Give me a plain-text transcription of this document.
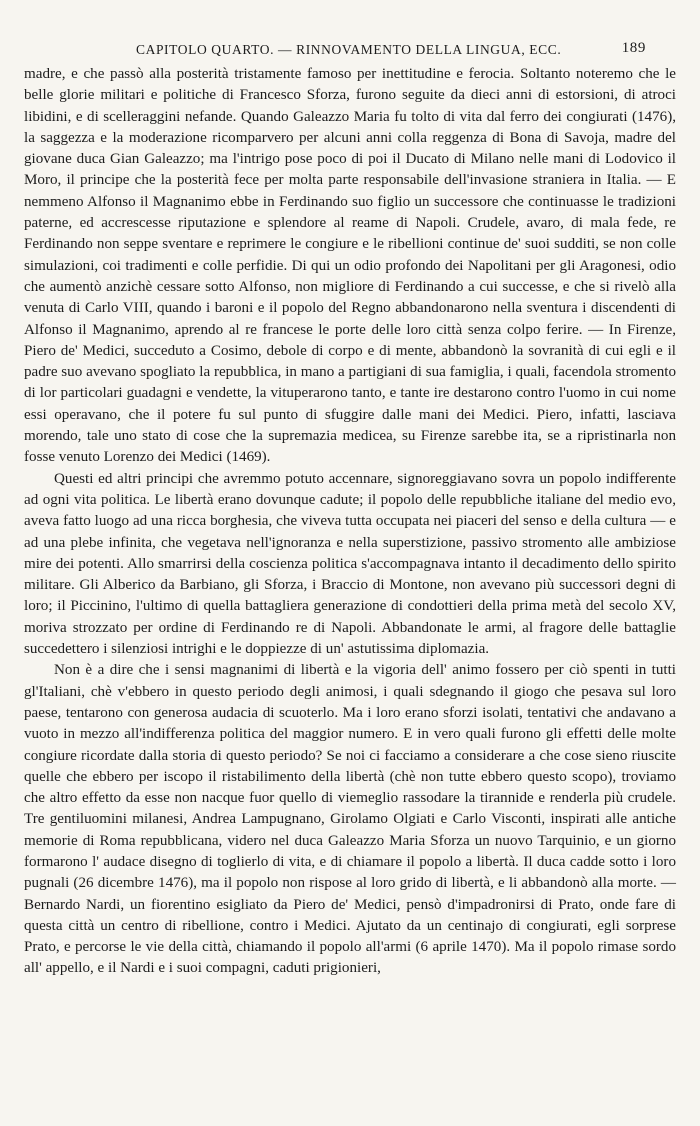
CAPITOLO QUARTO. — RINNOVAMENTO DELLA LINGUA, ECC.	189

madre, e che passò alla posterità tristamente famoso per inettitudine e ferocia. Soltanto noteremo che le belle glorie militari e politiche di Francesco Sforza, furono seguite da dieci anni di estorsioni, di atroci libidini, e di scelleraggini nefande. Quando Galeazzo Maria fu tolto di vita dal ferro dei congiurati (1476), la saggezza e la moderazione ricomparvero per alcuni anni colla reggenza di Bona di Savoja, madre del giovane duca Gian Galeazzo; ma l'intrigo pose poco di poi il Ducato di Milano nelle mani di Lodovico il Moro, il principe che la posterità fece per molta parte responsabile dell'invasione straniera in Italia. — E nemmeno Alfonso il Magnanimo ebbe in Ferdinando suo figlio un successore che continuasse le tradizioni paterne, ed accrescesse riputazione e splendore al reame di Napoli. Crudele, avaro, di mala fede, re Ferdinando non seppe sventare e reprimere le congiure e le ribellioni continue de' suoi sudditi, se non colle simulazioni, coi tradimenti e colle perfidie. Di qui un odio profondo dei Napolitani per gli Aragonesi, odio che aumentò anzichè cessare sotto Alfonso, non migliore di Ferdinando a cui successe, e che si rivelò alla venuta di Carlo VIII, quando i baroni e il popolo del Regno abbandonarono nella sventura i discendenti di Alfonso il Magnanimo, aprendo al re francese le porte delle loro città senza colpo ferire. — In Firenze, Piero de' Medici, succeduto a Cosimo, debole di corpo e di mente, abbandonò la sovranità di cui egli e il padre suo avevano spogliato la repubblica, in mano a partigiani di sua famiglia, i quali, facendola stromento di lor particolari guadagni e vendette, la vituperarono tanto, e tante ire destarono contro l'uomo in cui nome essi operavano, che il potere fu sul punto di sfuggire dalle mani dei Medici. Piero, infatti, lasciava morendo, tale uno stato di cose che la supremazia medicea, su Firenze sarebbe ita, se a ripristinarla non fosse venuto Lorenzo dei Medici (1469).

Questi ed altri principi che avremmo potuto accennare, signoreggiavano sovra un popolo indifferente ad ogni vita politica. Le libertà erano dovunque cadute; il popolo delle repubbliche italiane del medio evo, aveva fatto luogo ad una ricca borghesia, che viveva tutta occupata nei piaceri del senso e della cultura — e ad una plebe infinita, che vegetava nell'ignoranza e nella superstizione, passivo stromento alle ambiziose mire dei potenti. Allo smarrirsi della coscienza politica s'accompagnava intanto il decadimento dello spirito militare. Gli Alberico da Barbiano, gli Sforza, i Braccio di Montone, non avevano più successori degni di loro; il Piccinino, l'ultimo di quella battagliera generazione di condottieri della prima metà del secolo XV, moriva strozzato per ordine di Ferdinando re di Napoli. Abbandonate le armi, al fragore delle battaglie succedettero i silenziosi intrighi e le doppiezze di un' astutissima diplomazia.

Non è a dire che i sensi magnanimi di libertà e la vigoria dell' animo fossero per ciò spenti in tutti gl'Italiani, chè v'ebbero in questo periodo degli animosi, i quali sdegnando il giogo che pesava sul loro paese, tentarono con generosa audacia di scuoterlo. Ma i loro erano sforzi isolati, tentativi che andavano a vuoto in mezzo all'indifferenza politica del maggior numero. E in vero quali furono gli effetti delle molte congiure ricordate dalla storia di questo periodo? Se noi ci facciamo a considerare a che cose sieno riuscite quelle che ebbero per iscopo il ristabilimento della libertà (chè non tutte ebbero questo scopo), troviamo che altro effetto da esse non nacque fuor quello di viemeglio rassodare la tirannide e renderla più crudele. Tre gentiluomini milanesi, Andrea Lampugnano, Girolamo Olgiati e Carlo Visconti, inspirati alle antiche memorie di Roma repubblicana, videro nel duca Galeazzo Maria Sforza un nuovo Tarquinio, e un giorno formarono l' audace disegno di toglierlo di vita, e di chiamare il popolo a libertà. Il duca cadde sotto i loro pugnali (26 dicembre 1476), ma il popolo non rispose al loro grido di libertà, e li abbandonò alla morte. — Bernardo Nardi, un fiorentino esigliato da Piero de' Medici, pensò d'impadronirsi di Prato, onde fare di questa città un centro di ribellione, contro i Medici. Ajutato da un centinajo di congiurati, egli sorprese Prato, e percorse le vie della città, chiamando il popolo all'armi (6 aprile 1470). Ma il popolo rimase sordo all' appello, e il Nardi e i suoi compagni, caduti prigionieri,
